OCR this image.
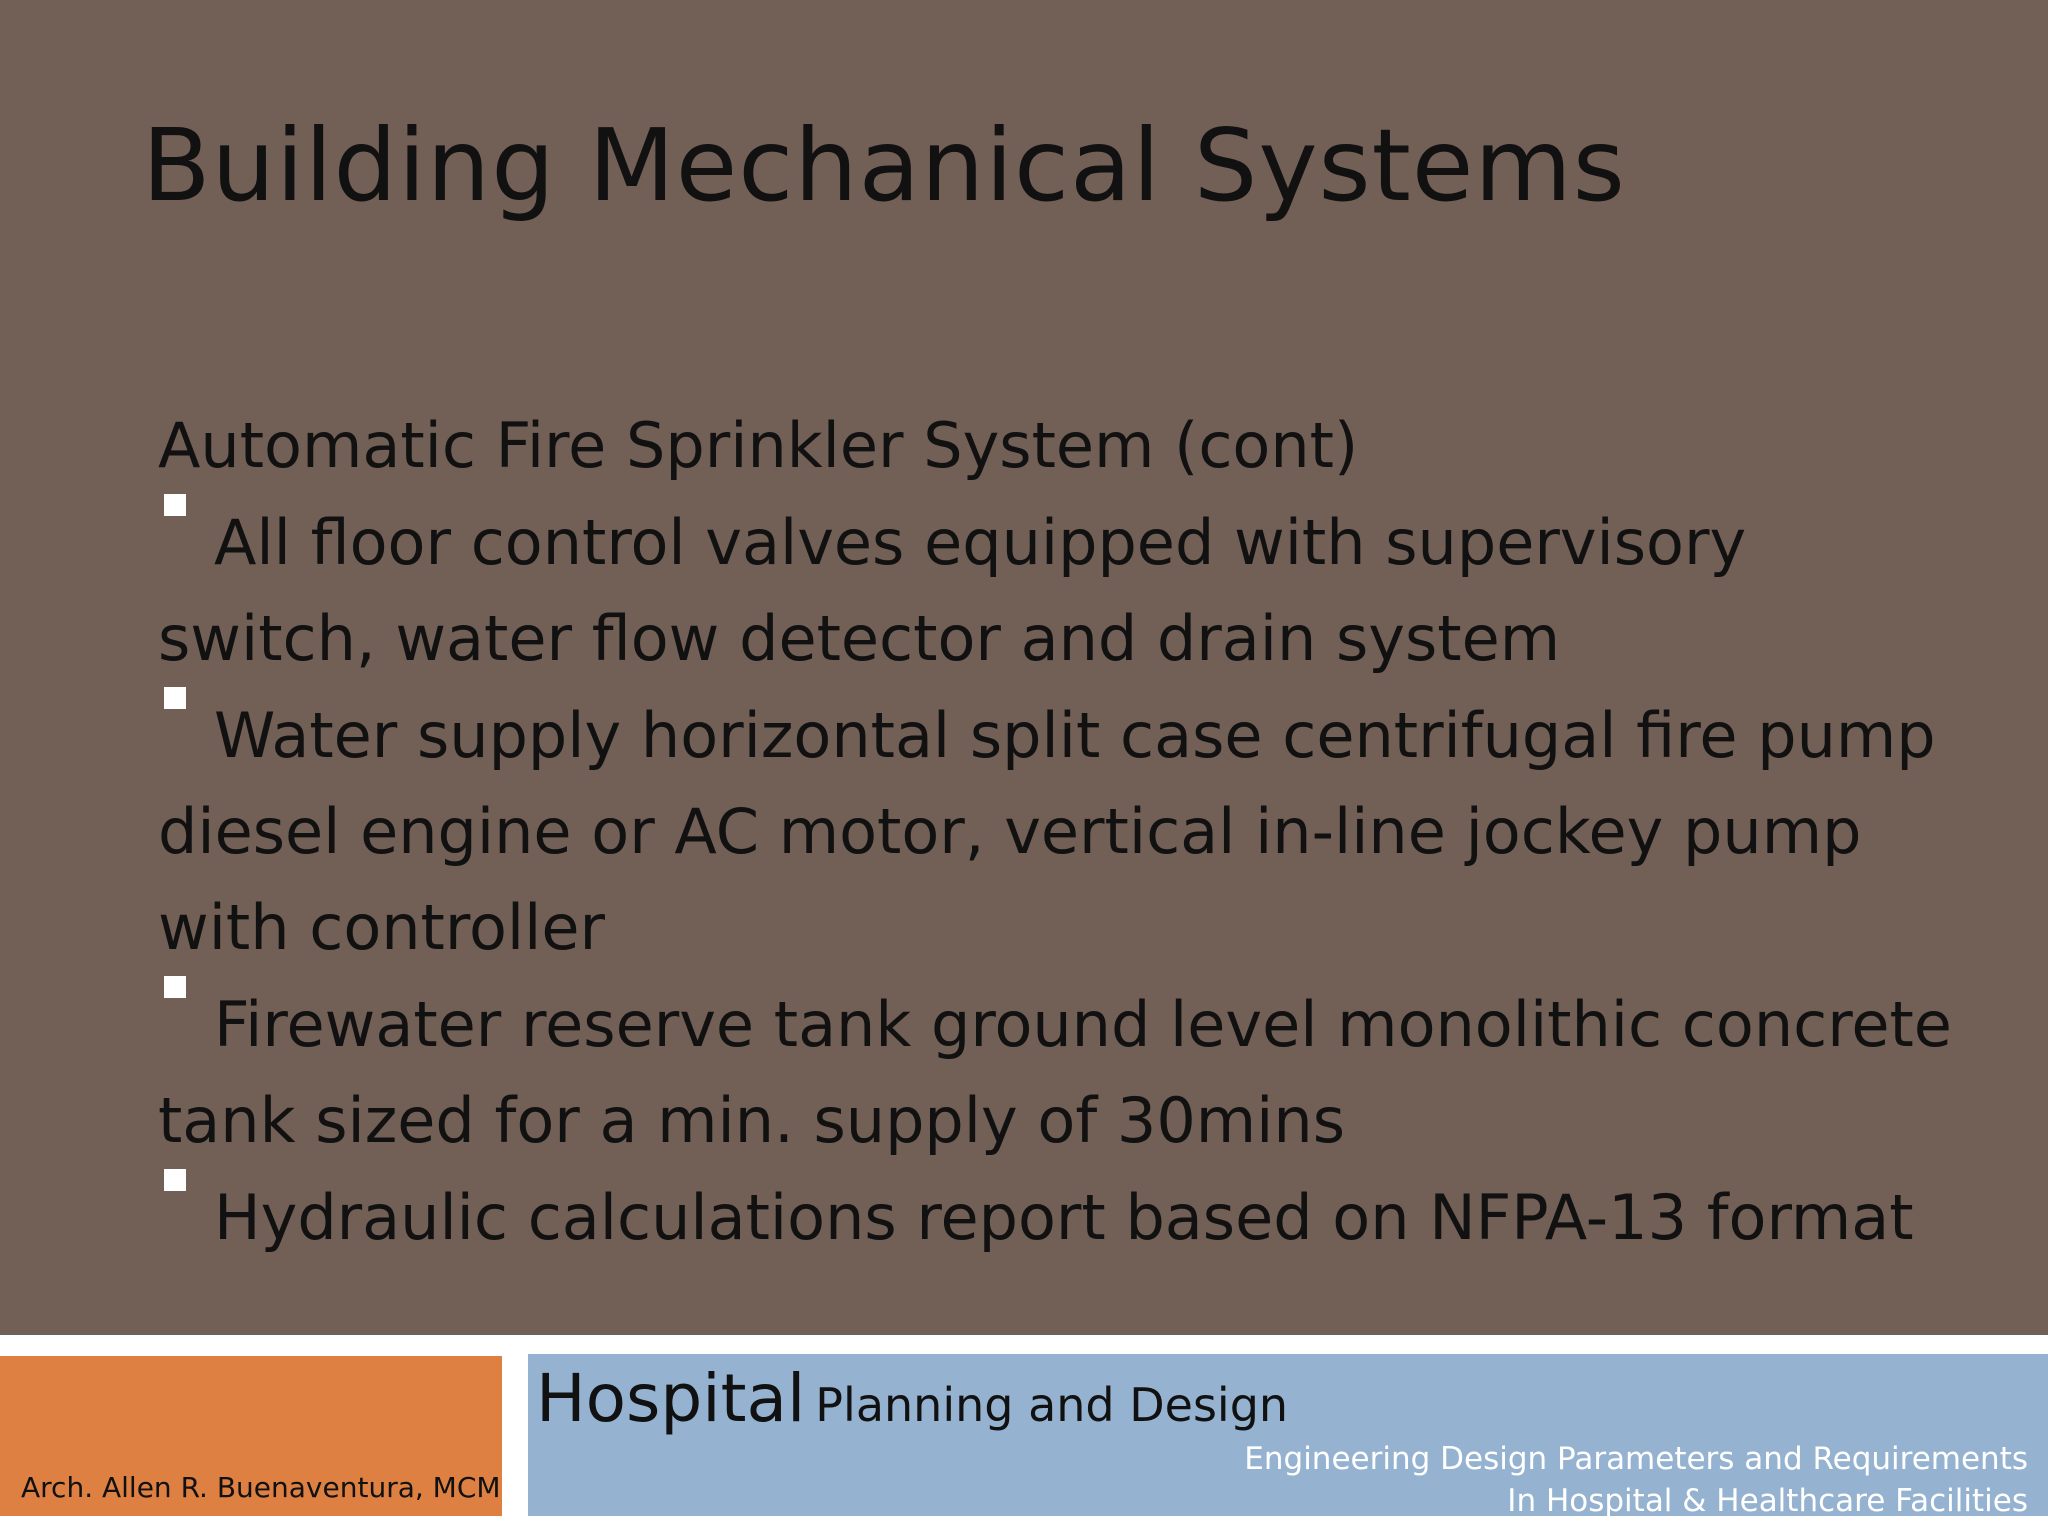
Building Mechanical Systems
Automatic Fire Sprinkler System (cont)
All floor control valves equipped with supervisory
switch, water flow detector and drain system
Water supply horizontal split case centrifugal fire pump
diesel engine or AC motor, vertical in-line jockey pump
with controller
Firewater reserve tank ground level monolithic concrete
tank sized for a min. supply of 30mins
Hydraulic calculations report based on NFPA-13 format
Arch. Allen R. Buenaventura, MCM
Hospital Planning and Design
Engineering Design Parameters and Requirements
In Hospital & Healthcare Facilities
